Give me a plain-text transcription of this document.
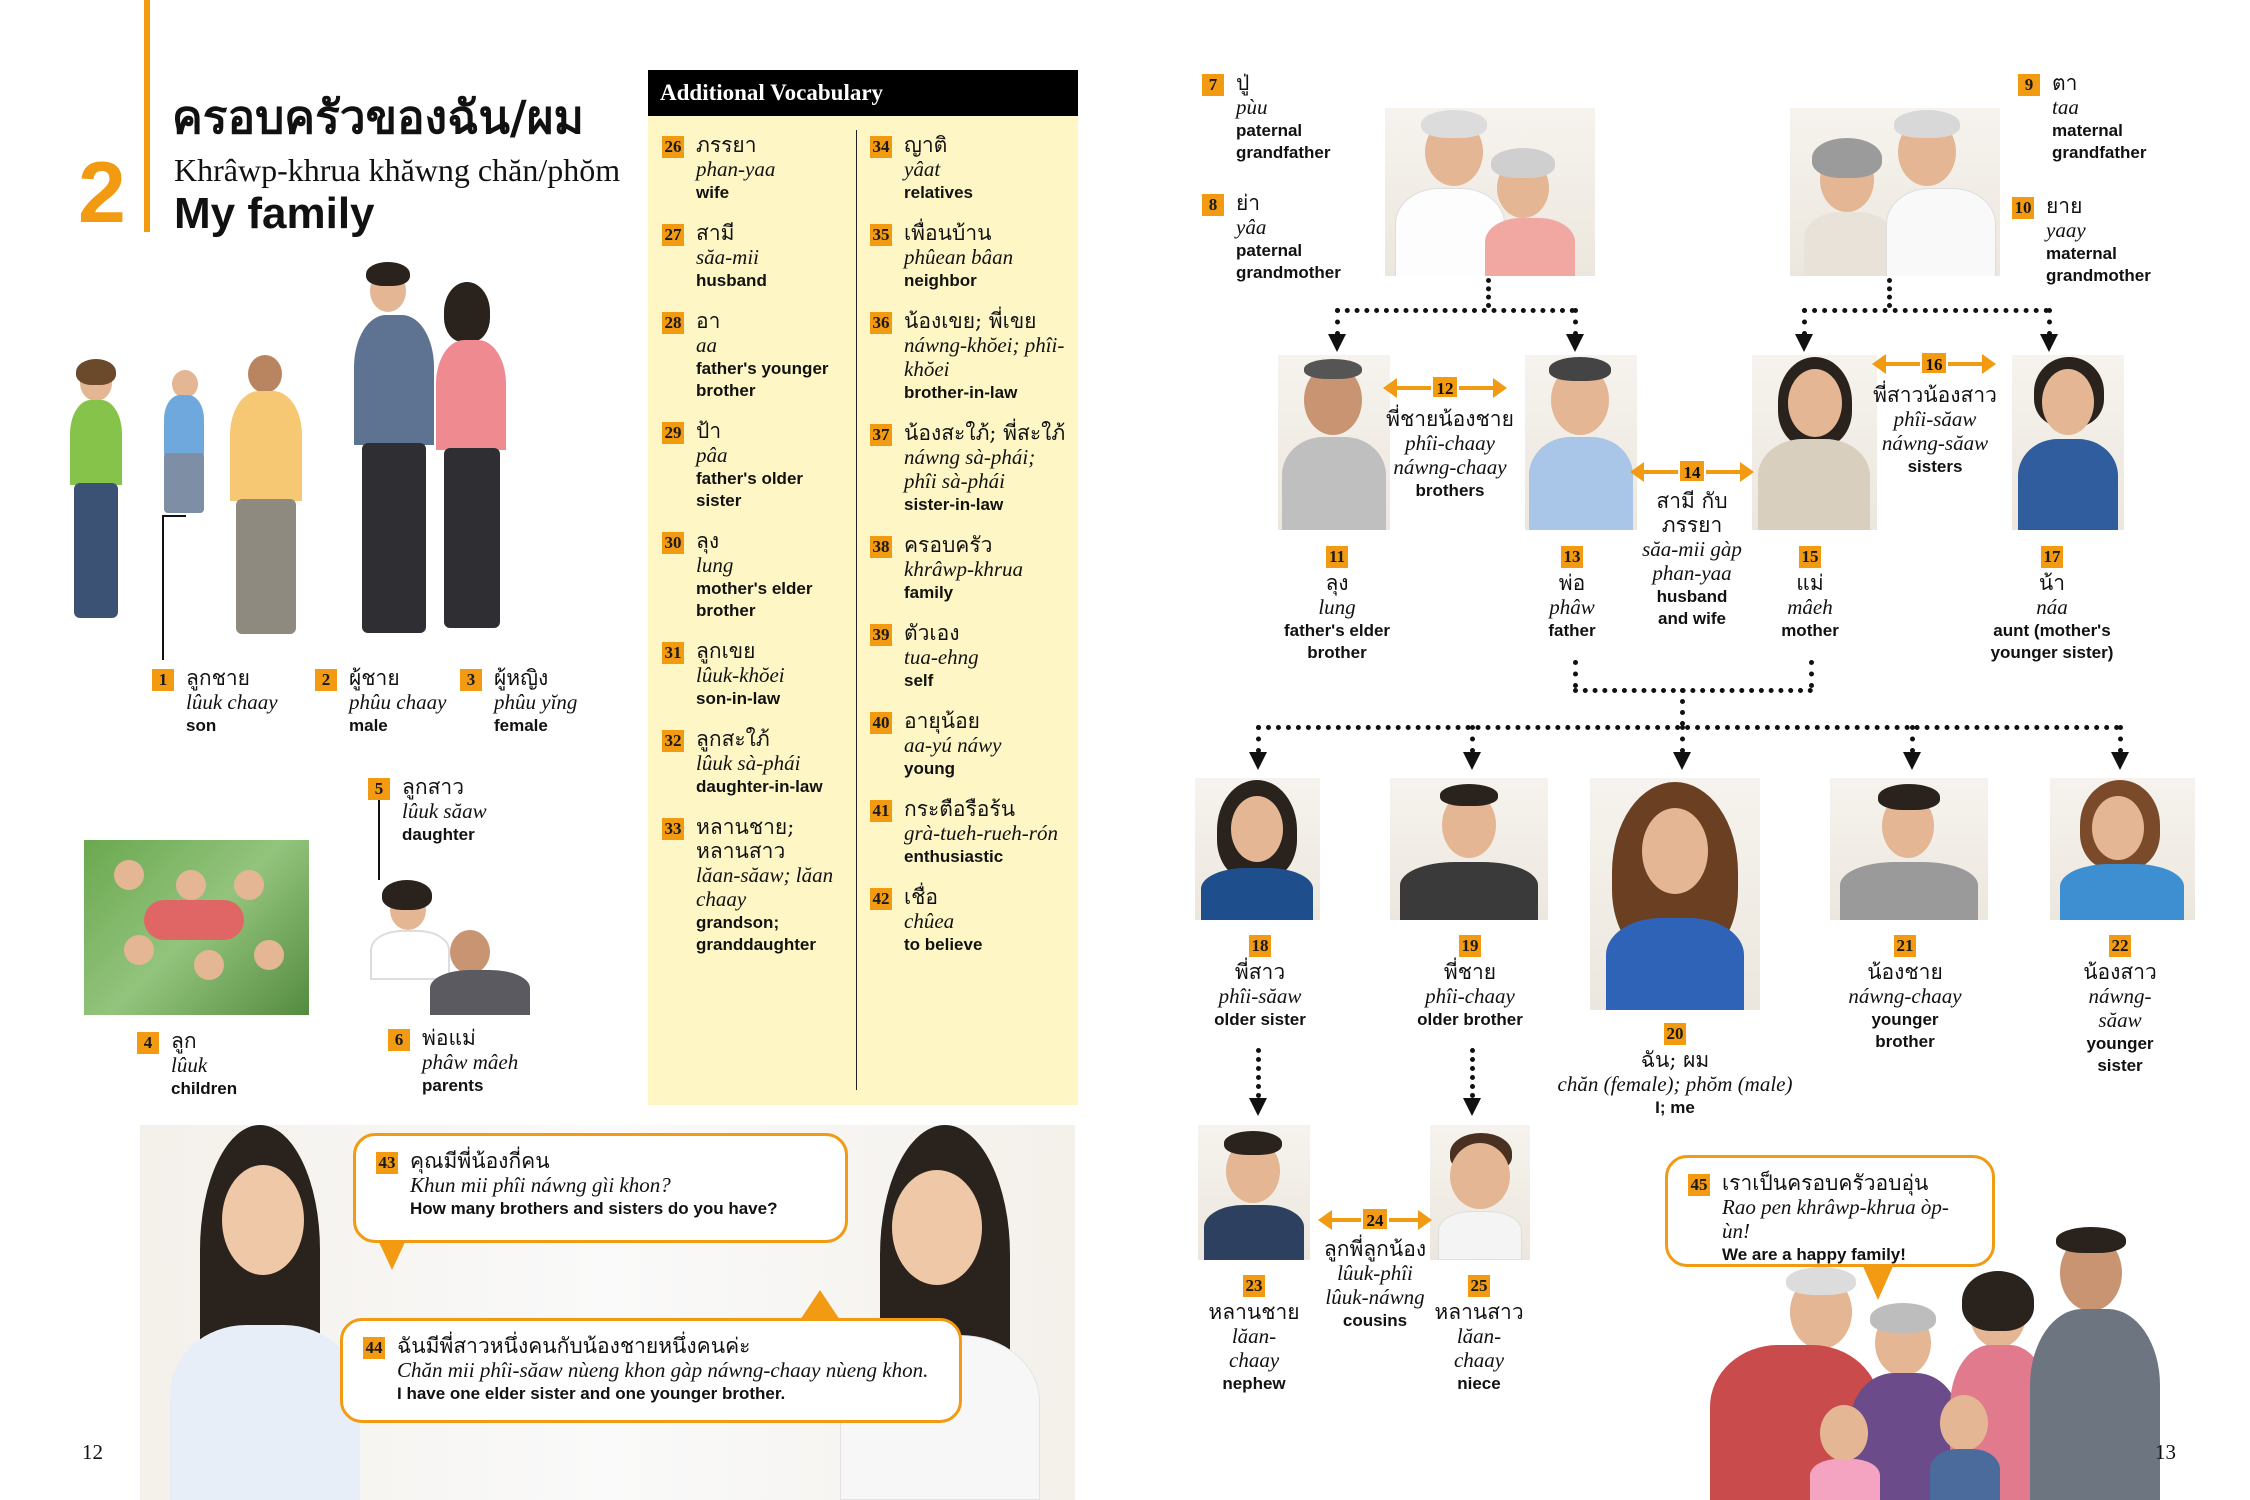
2
ครอบครัวของฉัน/ผม
Khrâwp-khrua khăwng chăn/phŏm
My family
1 ลูกชาย
lûuk chaay
son
2 ผู้ชาย
phûu chaay
male
3 ผู้หญิง
phûu yĭng
female
4 ลูก
lûuk
children
5 ลูกสาว
lûuk săaw
daughter
6 พ่อแม่
phâw mâeh
parents
Additional Vocabulary
26 ภรรยา
phan-yaa
wife
27 สามี
săa-mii
husband
28 อา
aa
father's younger brother
29 ป้า
pâa
father's older sister
30 ลุง
lung
mother's elder brother
31 ลูกเขย
lûuk-khŏei
son-in-law
32 ลูกสะใภ้
lûuk sà-phái
daughter-in-law
33 หลานชาย; หลานสาว
lăan-săaw; lăan chaay
grandson; granddaughter
34 ญาติ
yâat
relatives
35 เพื่อนบ้าน
phûean bâan
neighbor
36 น้องเขย; พี่เขย
náwng-khŏei; phîi-khŏei
brother-in-law
37 น้องสะใภ้; พี่สะใภ้
náwng sà-phái; phîi sà-phái
sister-in-law
38 ครอบครัว
khrâwp-khrua
family
39 ตัวเอง
tua-ehng
self
40 อายุน้อย
aa-yú náwy
young
41 กระตือรือร้น
grà-tueh-rueh-rón
enthusiastic
42 เชื่อ
chûea
to believe
43 คุณมีพี่น้องกี่คน
Khun mii phîi náwng gìi khon?
How many brothers and sisters do you have?
44 ฉันมีพี่สาวหนึ่งคนกับน้องชายหนึ่งคนค่ะ
Chăn mii phîi-săaw nùeng khon gàp náwng-chaay nùeng khon.
I have one elder sister and one younger brother.
12
7 ปู่
pùu
paternal grandfather
8 ย่า
yâa
paternal grandmother
9 ตา
taa
maternal grandfather
10 ยาย
yaay
maternal grandmother
12
พี่ชายน้องชาย
phîi-chaay náwng-chaay
brothers
14
สามี กับ ภรรยา
săa-mii gàp phan-yaa
husband and wife
16
พี่สาวน้องสาว
phîi-săaw náwng-săaw
sisters
11
ลุง
lung
father's elder brother
13
พ่อ
phâw
father
15
แม่
mâeh
mother
17
น้า
náa
aunt (mother's younger sister)
18
พี่สาว
phîi-săaw
older sister
19
พี่ชาย
phîi-chaay
older brother
20
ฉัน; ผม
chăn (female); phŏm (male)
I; me
21
น้องชาย
náwng-chaay
younger brother
22
น้องสาว
náwng-săaw
younger sister
24
ลูกพี่ลูกน้อง
lûuk-phîi lûuk-náwng
cousins
23
หลานชาย
lăan-chaay
nephew
25
หลานสาว
lăan-chaay
niece
45 เราเป็นครอบครัวอบอุ่น
Rao pen khrâwp-khrua òp-ùn!
We are a happy family!
13
